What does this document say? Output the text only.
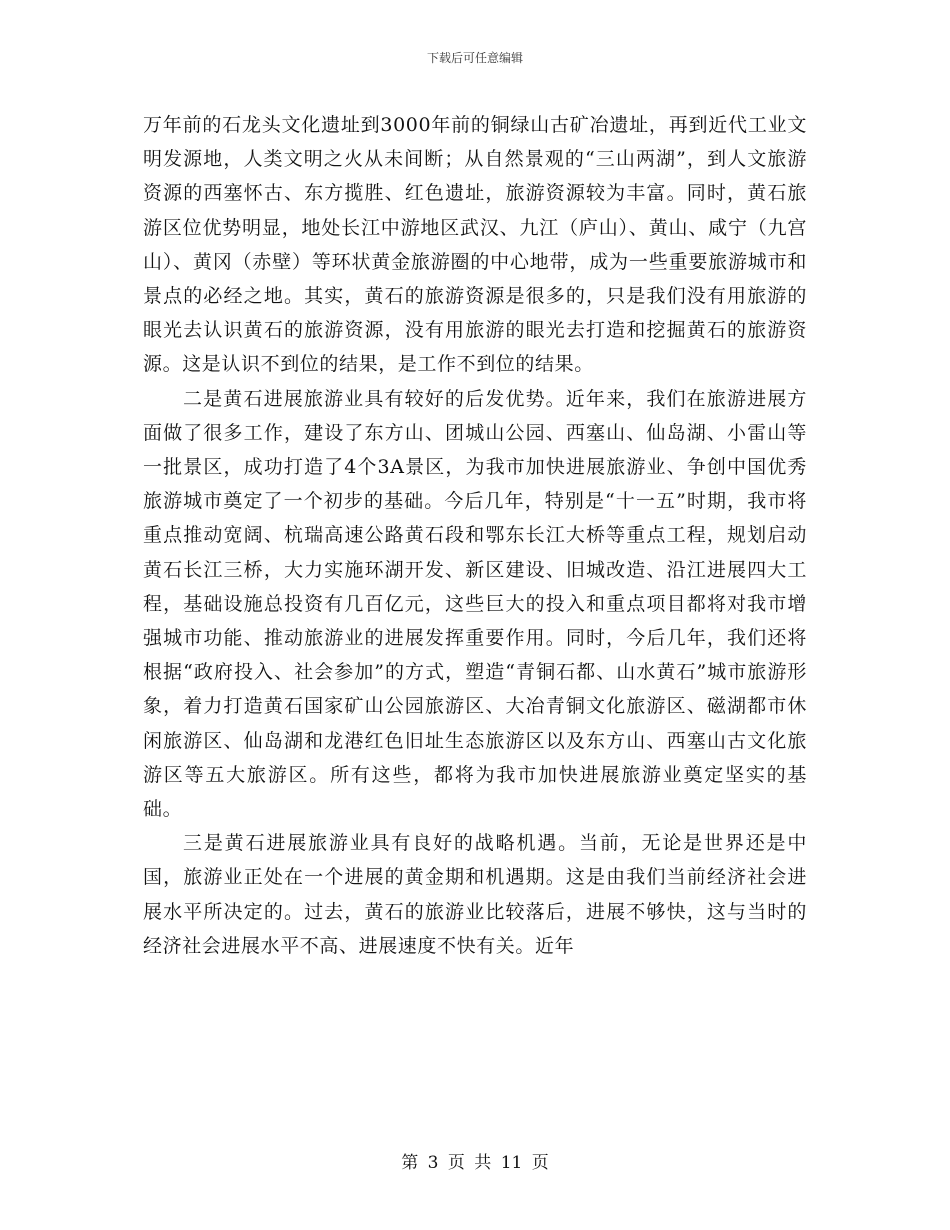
下载后可任意编辑

万年前的石龙头文化遗址到3000年前的铜绿山古矿冶遗址，再到近代工业文明发源地，人类文明之火从未间断；从自然景观的“三山两湖”，到人文旅游资源的西塞怀古、东方揽胜、红色遗址，旅游资源较为丰富。同时，黄石旅游区位优势明显，地处长江中游地区武汉、九江（庐山）、黄山、咸宁（九宫山）、黄冈（赤壁）等环状黄金旅游圈的中心地带，成为一些重要旅游城市和景点的必经之地。其实，黄石的旅游资源是很多的，只是我们没有用旅游的眼光去认识黄石的旅游资源，没有用旅游的眼光去打造和挖掘黄石的旅游资源。这是认识不到位的结果，是工作不到位的结果。

二是黄石进展旅游业具有较好的后发优势。近年来，我们在旅游进展方面做了很多工作，建设了东方山、团城山公园、西塞山、仙岛湖、小雷山等一批景区，成功打造了4个3A景区，为我市加快进展旅游业、争创中国优秀旅游城市奠定了一个初步的基础。今后几年，特别是“十一五”时期，我市将重点推动宽阔、杭瑞高速公路黄石段和鄂东长江大桥等重点工程，规划启动黄石长江三桥，大力实施环湖开发、新区建设、旧城改造、沿江进展四大工程，基础设施总投资有几百亿元，这些巨大的投入和重点项目都将对我市增强城市功能、推动旅游业的进展发挥重要作用。同时，今后几年，我们还将根据“政府投入、社会参加”的方式，塑造“青铜石都、山水黄石”城市旅游形象，着力打造黄石国家矿山公园旅游区、大冶青铜文化旅游区、磁湖都市休闲旅游区、仙岛湖和龙港红色旧址生态旅游区以及东方山、西塞山古文化旅游区等五大旅游区。所有这些，都将为我市加快进展旅游业奠定坚实的基础。

三是黄石进展旅游业具有良好的战略机遇。当前，无论是世界还是中国，旅游业正处在一个进展的黄金期和机遇期。这是由我们当前经济社会进展水平所决定的。过去，黄石的旅游业比较落后，进展不够快，这与当时的经济社会进展水平不高、进展速度不快有关。近年

第 3 页 共 11 页
